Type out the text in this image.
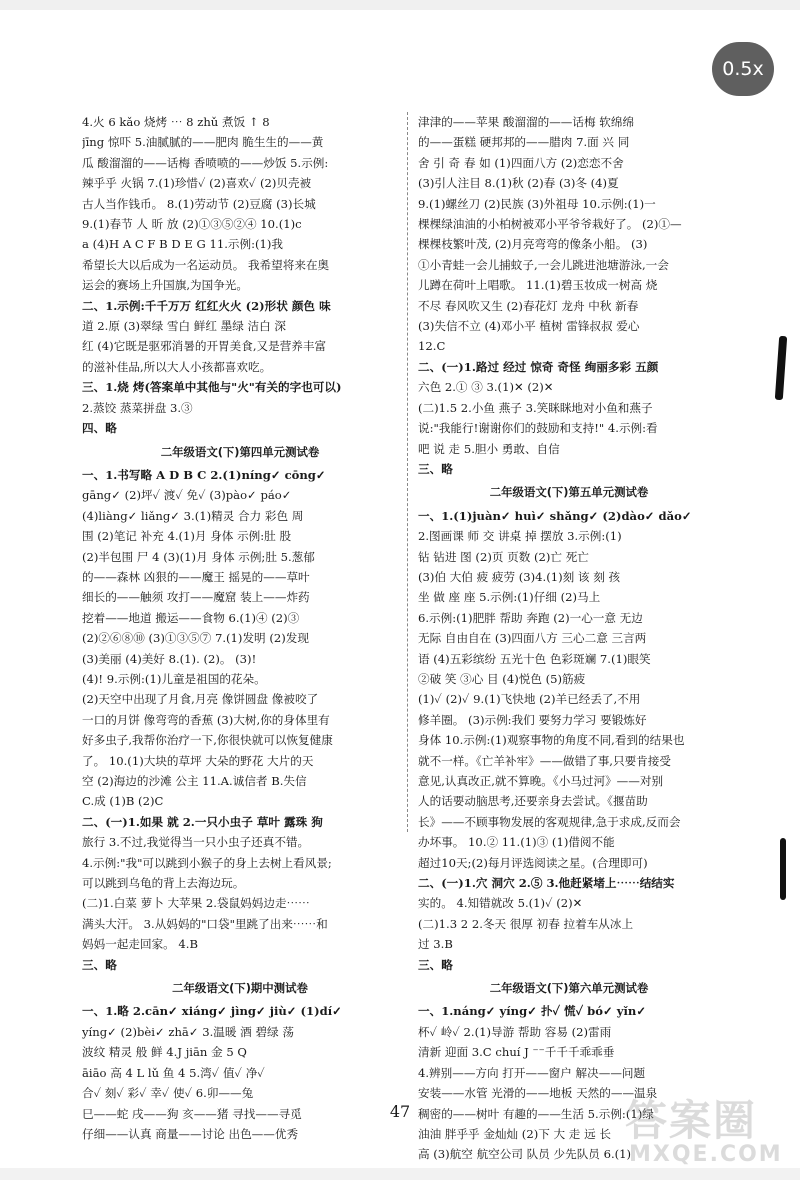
0.5x
4.火 6 kǎo 烧烤 ⋯ 8 zhǔ 煮饭 ↑ 8
jīng 惊吓 5.油腻腻的——肥肉 脆生生的——黄
瓜 酸溜溜的——话梅 香喷喷的——炒饭 5.示例:
辣乎乎 火锅 7.(1)珍惜✓ (2)喜欢✓ (2)贝壳被
古人当作钱币。 8.(1)劳动节 (2)豆腐 (3)长城
9.(1)春节 人 昕 放 (2)①③⑤②④ 10.(1)c
a (4)H A C F B D E G 11.示例:(1)我
希望长大以后成为一名运动员。 我希望将来在奥
运会的赛场上升国旗,为国争光。
二、1.示例:千千万万 红红火火 (2)形状 颜色 味
道 2.原 (3)翠绿 雪白 鲜红 墨绿 洁白 深
红 (4)它既是驱邪消暑的开胃美食,又是营养丰富
的滋补佳品,所以大人小孩都喜欢吃。
三、1.烧 烤(答案单中其他与"火"有关的字也可以)
2.蒸饺 蒸菜拼盘 3.③
四、略
二年级语文(下)第四单元测试卷
一、1.书写略 A D B C 2.(1)níng✓ cōng✓
gāng✓ (2)坪✓ 渡✓ 免✓ (3)pào✓ páo✓
(4)liàng✓ liǎng✓ 3.(1)精灵 合力 彩色 周
围 (2)笔记 补充 4.(1)月 身体 示例:肚 股
(2)半包围 尸 4 (3)(1)月 身体 示例;肚 5.葱郁
的——森林 凶狠的——魔王 摇晃的——草叶
细长的——触须 攻打——魔窟 装上——炸药
挖着——地道 搬运——食物 6.(1)④ (2)③
(2)②⑥⑧⑩ (3)①③⑤⑦ 7.(1)发明 (2)发现
(3)美丽 (4)美好 8.(1). (2)。 (3)!
(4)! 9.示例:(1)儿童是祖国的花朵。
(2)天空中出现了月食,月亮 像饼圆盘 像被咬了
一口的月饼 像弯弯的香蕉 (3)大树,你的身体里有
好多虫子,我帮你治疗一下,你很快就可以恢复健康
了。 10.(1)大块的草坪 大朵的野花 大片的天
空 (2)海边的沙滩 公主 11.A.诚信者 B.失信
C.成 (1)B (2)C
二、(一)1.如果 就 2.一只小虫子 草叶 露珠 狗
旅行 3.不过,我觉得当一只小虫子还真不错。
4.示例:"我"可以跳到小猴子的身上去树上看风景;
可以跳到乌龟的背上去海边玩。
(二)1.白菜 萝卜 大苹果 2.袋鼠妈妈边走⋯⋯
满头大汗。 3.从妈妈的"口袋"里跳了出来⋯⋯和
妈妈一起走回家。 4.B
三、略
二年级语文(下)期中测试卷
一、1.略 2.cān✓ xiáng✓ jìng✓ jiù✓ (1)dí✓
yíng✓ (2)bèi✓ zhā✓ 3.温暖 酒 碧绿 荡
波纹 精灵 般 鲜 4.J jiān 金 5 Q
āiāo 高 4 L lǔ 鱼 4 5.湾✓ 值✓ 净✓
合✓ 刻✓ 彩✓ 幸✓ 使✓ 6.卯——兔
巳——蛇 戌——狗 亥——猪 寻找——寻觅
仔细——认真 商量——讨论 出色——优秀
津津的——苹果 酸溜溜的——话梅 软绵绵
的——蛋糕 硬邦邦的——腊肉 7.面 兴 同
舍 引 奇 春 如 (1)四面八方 (2)恋恋不舍
(3)引人注目 8.(1)秋 (2)春 (3)冬 (4)夏
9.(1)螺丝刀 (2)民族 (3)外祖母 10.示例:(1)一
棵棵绿油油的小柏树被邓小平爷爷栽好了。 (2)①—
棵棵枝繁叶茂, (2)月亮弯弯的像条小船。 (3)
①小青蛙一会儿捕蚊子,一会儿跳进池塘游泳,一会
儿蹲在荷叶上唱歌。 11.(1)碧玉妆成一树高 烧
不尽 春风吹又生 (2)春花灯 龙舟 中秋 新春
(3)失信不立 (4)邓小平 植树 雷锋叔叔 爱心
12.C
二、(一)1.路过 经过 惊奇 奇怪 绚丽多彩 五颜
六色 2.① ③ 3.(1)✕ (2)✕
(二)1.5 2.小鱼 燕子 3.笑眯眯地对小鱼和燕子
说:"我能行!谢谢你们的鼓励和支持!" 4.示例:看
吧 说 走 5.胆小 勇敢、自信
三、略
二年级语文(下)第五单元测试卷
一、1.(1)juàn✓ huì✓ shǎng✓ (2)dào✓ dǎo✓
2.图画课 师 交 讲桌 掉 摆放 3.示例:(1)
钻 钻进 图 (2)页 页数 (2)亡 死亡
(3)伯 大伯 疲 疲劳 (3)4.(1)刻 该 刻 孩
坐 做 座 座 5.示例:(1)仔细 (2)马上
6.示例:(1)肥胖 帮助 奔跑 (2)一心一意 无边
无际 自由自在 (3)四面八方 三心二意 三言两
语 (4)五彩缤纷 五光十色 色彩斑斓 7.(1)眼笑
②破 笑 ③心 目 (4)悦色 (5)筋疲
(1)✓ (2)✓ 9.(1)飞快地 (2)羊已经丢了,不用
修羊圈。 (3)示例:我们 要努力学习 要锻炼好
身体 10.示例:(1)观察事物的角度不同,看到的结果也
就不一样。《亡羊补牢》——做错了事,只要肯接受
意见,认真改正,就不算晚。《小马过河》——对别
人的话要动脑思考,还要亲身去尝试。《揠苗助
长》——不顾事物发展的客观规律,急于求成,反而会
办坏事。 10.② 11.(1)③ (1)借阅不能
超过10天;(2)每月评选阅读之星。(合理即可)
二、(一)1.穴 洞穴 2.⑤ 3.他赶紧堵上⋯⋯结结实
实的。 4.知错就改 5.(1)✓ (2)✕
(二)1.3 2 2.冬天 很厚 初春 拉着车从冰上
过 3.B
三、略
二年级语文(下)第六单元测试卷
一、1.náng✓ yíng✓ 扑✓ 慌✓ bó✓ yǐn✓
杯✓ 岭✓ 2.(1)导游 帮助 容易 (2)雷雨
清新 迎面 3.C chuí J ⁻⁻千千千乖乖垂
4.辨别——方向 打开——窗户 解决——问题
安装——水管 光滑的——地板 天然的——温泉
稠密的——树叶 有趣的——生活 5.示例:(1)绿
油油 胖乎乎 金灿灿 (2)下 大 走 远 长
高 (3)航空 航空公司 队员 少先队员 6.(1)
47	答案圈
MXQE.COM
